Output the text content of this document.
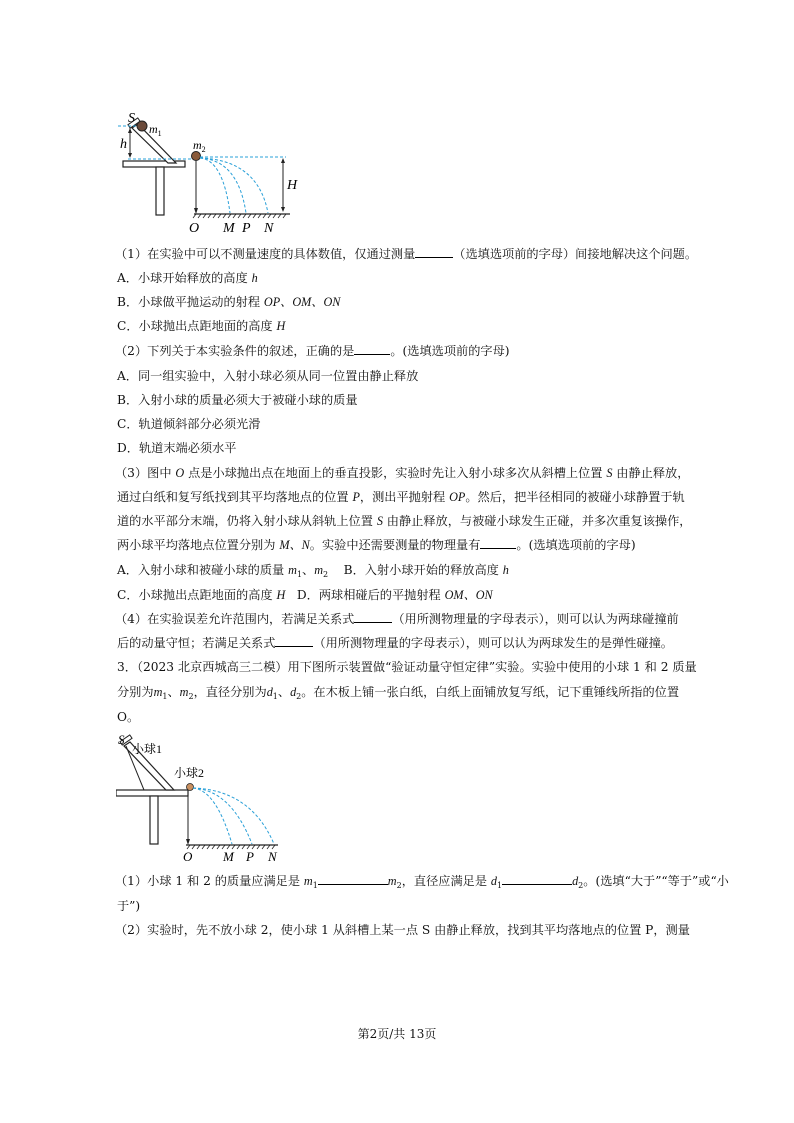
S
$m_1$
$m_2$
h
H
O M P N
（1）在实验中可以不测量速度的具体数值，仅通过测量	（选填选项前的字母）间接地解决这个问题。
A．小球开始释放的高度 h
B．小球做平抛运动的射程 OP、OM、ON
C．小球抛出点距地面的高度 H
（2）下列关于本实验条件的叙述，正确的是	。(选填选项前的字母)
A．同一组实验中，入射小球必须从同一位置由静止释放
B．入射小球的质量必须大于被碰小球的质量
C．轨道倾斜部分必须光滑
D．轨道末端必须水平
（3）图中 O 点是小球抛出点在地面上的垂直投影，实验时先让入射小球多次从斜槽上位置 S 由静止释放，
通过白纸和复写纸找到其平均落地点的位置 P，测出平抛射程 OP。然后，把半径相同的被碰小球静置于轨
道的水平部分末端，仍将入射小球从斜轨上位置 S 由静止释放，与被碰小球发生正碰，并多次重复该操作，
两小球平均落地点位置分别为 M、N。实验中还需要测量的物理量有	。(选填选项前的字母)
A．入射小球和被碰小球的质量 $m_1$、$m_2$ B．入射小球开始的释放高度 h
C．小球抛出点距地面的高度 H D．两球相碰后的平抛射程 OM、ON
（4）在实验误差允许范围内，若满足关系式	（用所测物理量的字母表示），则可以认为两球碰撞前
后的动量守恒；若满足关系式	（用所测物理量的字母表示），则可以认为两球发生的是弹性碰撞。
3．（2023 北京西城高三二模）用下图所示装置做“验证动量守恒定律”实验。实验中使用的小球 1 和 2 质量
分别为$m_1$、$m_2$，直径分别为$d_1$、$d_2$。在木板上铺一张白纸，白纸上面铺放复写纸，记下重锤线所指的位置
O。
S
小球1
小球2
O M P N
（1）小球 1 和 2 的质量应满足是 $m_1$	$m_2$，直径应满足是 $d_1$	$d_2$。(选填“大于”“等于”或“小
于”)
（2）实验时，先不放小球 2，使小球 1 从斜槽上某一点 S 由静止释放，找到其平均落地点的位置 P，测量
第2页/共 13页
